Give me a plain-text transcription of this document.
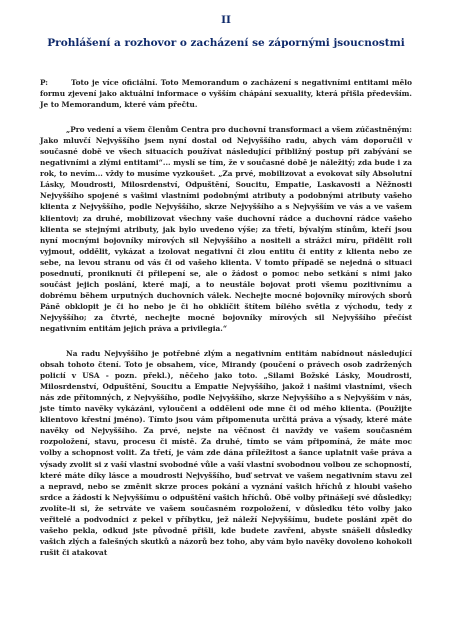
II
Prohlášení a rozhovor o zacházení se zápornými jsoucnostmi

P:	Toto je více oficiální. Toto Memorandum o zacházení s negativními entitami mělo formu zjevení jako aktuální informace o vyšším chápání sexuality, která přišla především. Je to Memorandum, které vám přečtu.

„Pro vedení a všem členům Centra pro duchovní transformaci a všem zúčastněným: Jako mluvčí Nejvyššího jsem nyní dostal od Nejvyššího radu, abych vám doporučil v současné době ve všech situacích používat následující přibližný postup při zabývání se negativními a zlými entitami“... myslí se tím, že v současné době je náležitý; zda bude i za rok, to nevím... vždy to musíme vyzkoušet. „Za prvé, mobilizovat a evokovat síly Absolutní Lásky, Moudrosti, Milosrdenství, Odpuštění, Soucitu, Empatie, Laskavosti a Něžnosti Nejvyššího spojené s vašimi vlastními podobnými atributy a podobnými atributy vašeho klienta z Nejvyššího, podle Nejvyššího, skrze Nejvyššího a s Nejvyšším ve vás a ve vašem klientovi; za druhé, mobilizovat všechny vaše duchovní rádce a duchovní rádce vašeho klienta se stejnými atributy, jak bylo uvedeno výše; za třetí, bývalým stínům, kteří jsou nyní mocnými bojovníky mírových sil Nejvyššího a nositeli a strážci míru, přidělit roli vyjmout, oddělit, vykázat a izolovat negativní či zlou entitu či entity z klienta nebo ze sebe, na levou stranu od vás či od vašeho klienta. V tomto případě se nejedná o situaci posednutí, proniknutí či přilepení se, ale o žádost o pomoc nebo setkání s nimi jako součást jejich poslání, které mají, a to neustále bojovat proti všemu pozitivnímu a dobrému během urputných duchovních válek. Nechejte mocné bojovníky mírových sborů Páně obklopit je či ho nebo je či ho obklíčit štítem bílého světla z východu, tedy z Nejvyššího; za čtvrté, nechejte mocné bojovníky mírových sil Nejvyššího přečíst negativním entitám jejich práva a privilegia.“

Na radu Nejvyššího je potřebné zlým a negativním entitám nabídnout následující obsah tohoto čtení. Toto je obsahem, více, Mirandy (poučení o právech osob zadržených policií v USA - pozn. překl.), něčeho jako toto. „Silami Božské Lásky, Moudrosti, Milosrdenství, Odpuštění, Soucitu a Empatie Nejvyššího, jakož i našimi vlastními, všech nás zde přítomných, z Nejvyššího, podle Nejvyššího, skrze Nejvyššího a s Nejvyšším v nás, jste tímto navěky vykázáni, vyloučeni a odděleni ode mne či od mého klienta. (Použijte klientovo křestní jméno). Tímto jsou vám připomenuta určitá práva a výsady, které máte navěky od Nejvyššího. Za prvé, nejste na věčnost či navždy ve vašem současném rozpoložení, stavu, procesu či místě. Za druhé, tímto se vám připomíná, že máte moc volby a schopnost volit. Za třetí, je vám zde dána příležitost a šance uplatnit vaše práva a výsady zvolit si z vaší vlastní svobodné vůle a vaší vlastní svobodnou volbou ze schopností, které máte díky lásce a moudrosti Nejvyššího, buď setrvat ve vašem negativním stavu zel a nepravd, nebo se změnit skrze proces pokání a vyznání vašich hříchů z hloubi vašeho srdce a žádostí k Nejvyššímu o odpuštění vašich hříchů. Obě volby přinášejí své důsledky; zvolíte-li si, že setrváte ve vašem současném rozpoložení, v důsledku této volby jako veřitelé a podvodníci z pekel v příbytku, jež náleží Nejvyššímu, budete posláni zpět do vašeho pekla, odkud jste původně přišli, kde budete zavřeni, abyste snášeli důsledky vašich zlých a falešných skutků a názorů bez toho, aby vám bylo navěky dovoleno kohokoli rušit či atakovat
